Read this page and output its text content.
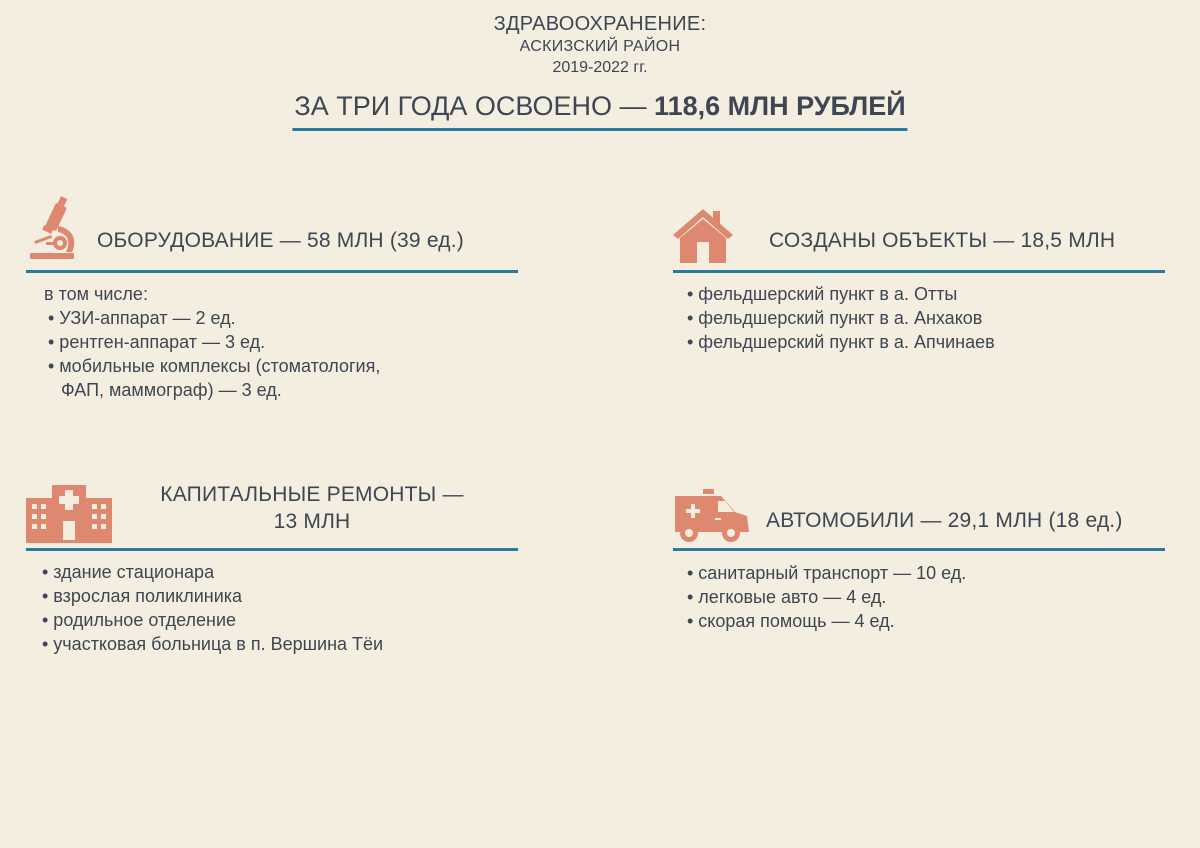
ЗДРАВООХРАНЕНИЕ:
АСКИЗСКИЙ РАЙОН
2019-2022 гг.
ЗА ТРИ ГОДА ОСВОЕНО — 118,6 МЛН РУБЛЕЙ
ОБОРУДОВАНИЕ — 58 МЛН (39 ед.)
в том числе:
• УЗИ-аппарат — 2 ед.
• рентген-аппарат — 3 ед.
• мобильные комплексы (стоматология,
ФАП, маммограф) — 3 ед.
СОЗДАНЫ ОБЪЕКТЫ — 18,5 МЛН
• фельдшерский пункт в а. Отты
• фельдшерский пункт в а. Анхаков
• фельдшерский пункт в а. Апчинаев
КАПИТАЛЬНЫЕ РЕМОНТЫ —
13 МЛН
• здание стационара
• взрослая поликлиника
• родильное отделение
• участковая больница в п. Вершина Тёи
АВТОМОБИЛИ — 29,1 МЛН (18 ед.)
• санитарный транспорт — 10 ед.
• легковые авто — 4 ед.
• скорая помощь — 4 ед.
